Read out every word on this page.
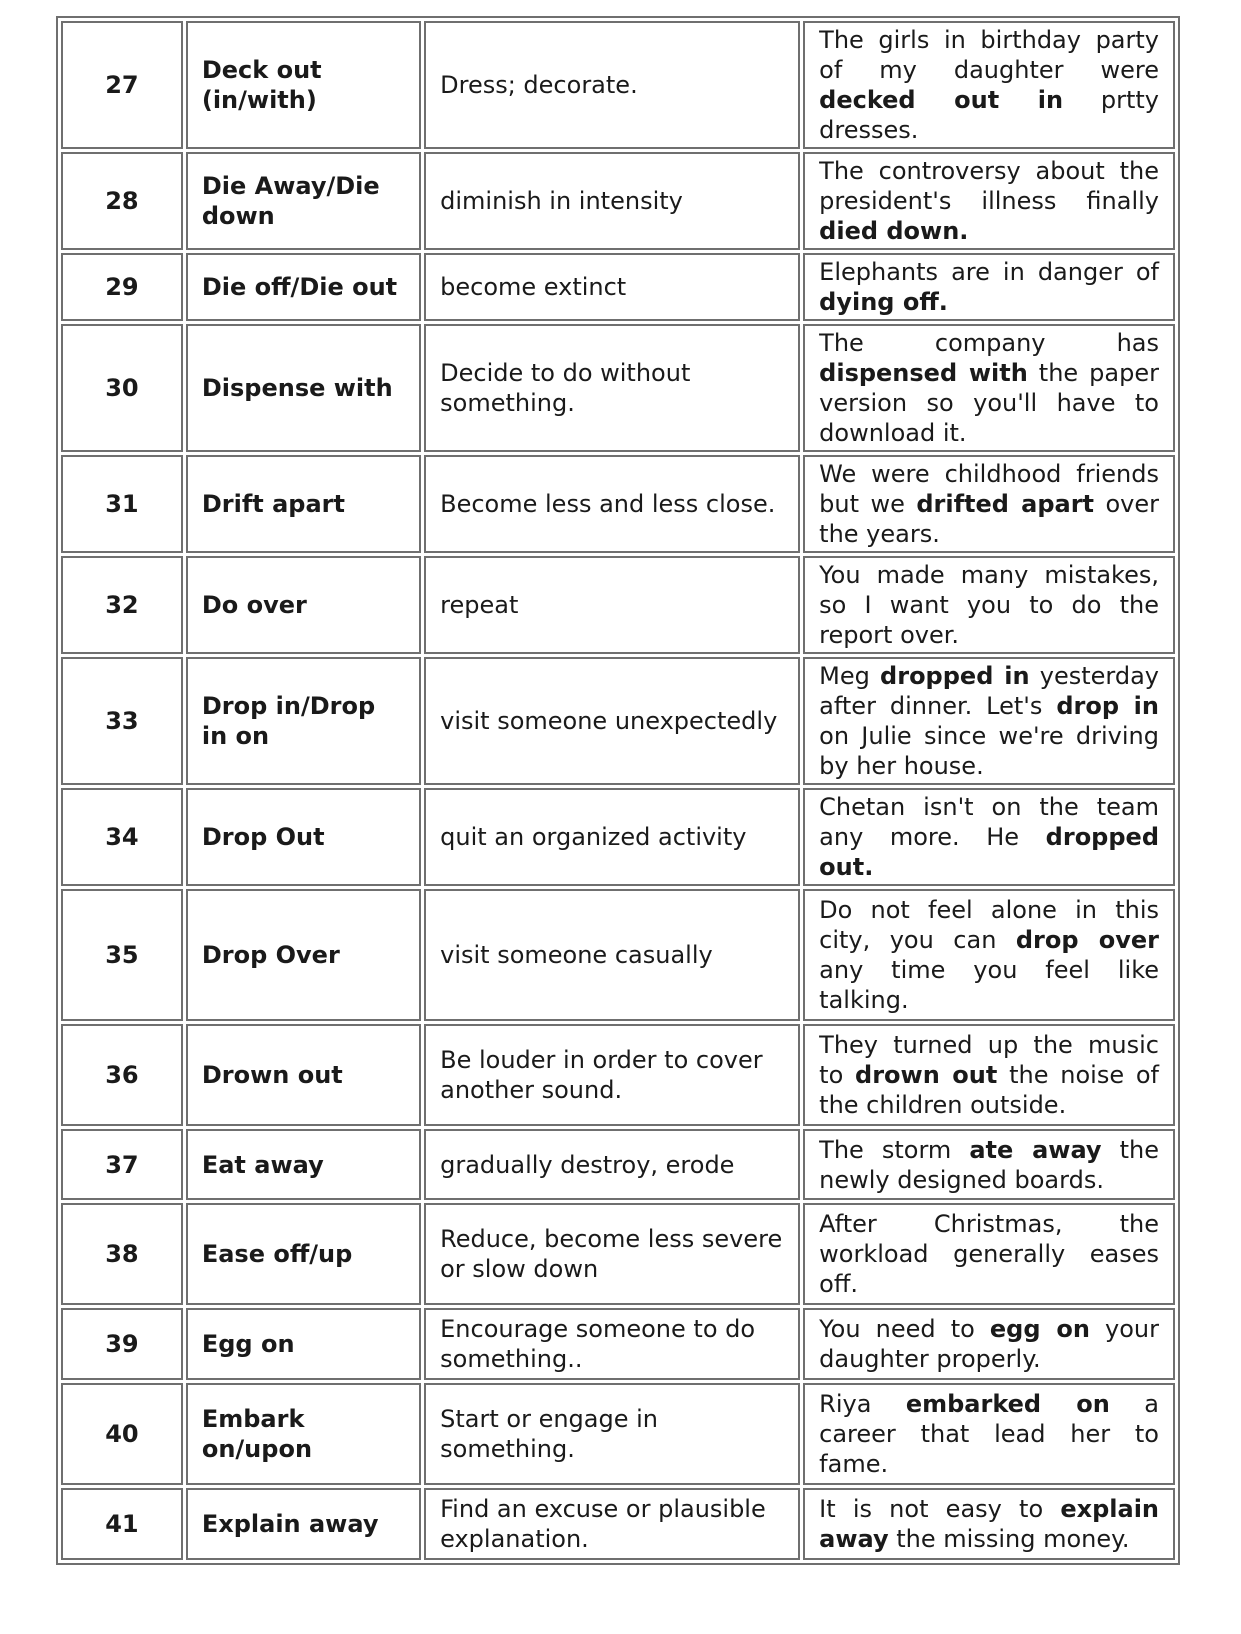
27	Deck out (in/with)	Dress; decorate.	The girls in birthday party of my daughter were decked out in prtty dresses.
28	Die Away/Die down	diminish in intensity	The controversy about the president's illness finally died down.
29	Die off/Die out	become extinct	Elephants are in danger of dying off.
30	Dispense with	Decide to do without something.	The company has dispensed with the paper version so you'll have to download it.
31	Drift apart	Become less and less close.	We were childhood friends but we drifted apart over the years.
32	Do over	repeat	You made many mistakes, so I want you to do the report over.
33	Drop in/Drop in on	visit someone unexpectedly	Meg dropped in yesterday after dinner. Let's drop in on Julie since we're driving by her house.
34	Drop Out	quit an organized activity	Chetan isn't on the team any more. He dropped out.
35	Drop Over	visit someone casually	Do not feel alone in this city, you can drop over any time you feel like talking.
36	Drown out	Be louder in order to cover another sound.	They turned up the music to drown out the noise of the children outside.
37	Eat away	gradually destroy, erode	The storm ate away the newly designed boards.
38	Ease off/up	Reduce, become less severe or slow down	After Christmas, the workload generally eases off.
39	Egg on	Encourage someone to do something..	You need to egg on your daughter properly.
40	Embark on/upon	Start or engage in something.	Riya embarked on a career that lead her to fame.
41	Explain away	Find an excuse or plausible explanation.	It is not easy to explain away the missing money.
